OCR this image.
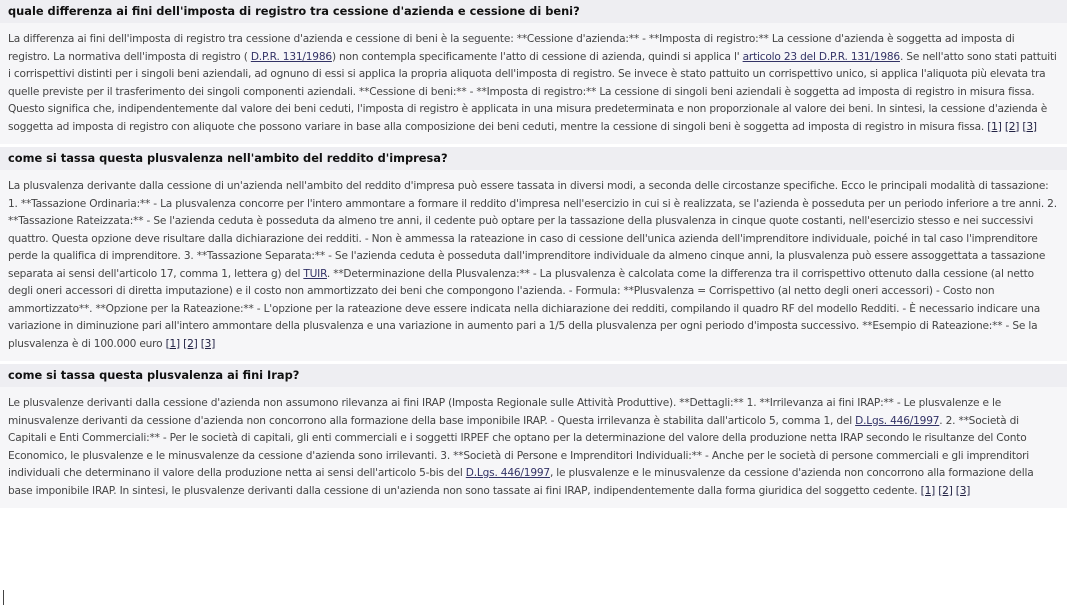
quale differenza ai fini dell'imposta di registro tra cessione d'azienda e cessione di beni?
La differenza ai fini dell'imposta di registro tra cessione d'azienda e cessione di beni è la seguente: **Cessione d'azienda:** - **Imposta di registro:** La cessione d'azienda è soggetta ad imposta di registro. La normativa dell'imposta di registro ( D.P.R. 131/1986) non contempla specificamente l'atto di cessione di azienda, quindi si applica l' articolo 23 del D.P.R. 131/1986. Se nell'atto sono stati pattuiti i corrispettivi distinti per i singoli beni aziendali, ad ognuno di essi si applica la propria aliquota dell'imposta di registro. Se invece è stato pattuito un corrispettivo unico, si applica l'aliquota più elevata tra quelle previste per il trasferimento dei singoli componenti aziendali. **Cessione di beni:** - **Imposta di registro:** La cessione di singoli beni aziendali è soggetta ad imposta di registro in misura fissa. Questo significa che, indipendentemente dal valore dei beni ceduti, l'imposta di registro è applicata in una misura predeterminata e non proporzionale al valore dei beni. In sintesi, la cessione d'azienda è soggetta ad imposta di registro con aliquote che possono variare in base alla composizione dei beni ceduti, mentre la cessione di singoli beni è soggetta ad imposta di registro in misura fissa. [1] [2] [3]
come si tassa questa plusvalenza nell'ambito del reddito d'impresa?
La plusvalenza derivante dalla cessione di un'azienda nell'ambito del reddito d'impresa può essere tassata in diversi modi, a seconda delle circostanze specifiche. Ecco le principali modalità di tassazione: 1. **Tassazione Ordinaria:** - La plusvalenza concorre per l'intero ammontare a formare il reddito d'impresa nell'esercizio in cui si è realizzata, se l'azienda è posseduta per un periodo inferiore a tre anni. 2. **Tassazione Rateizzata:** - Se l'azienda ceduta è posseduta da almeno tre anni, il cedente può optare per la tassazione della plusvalenza in cinque quote costanti, nell'esercizio stesso e nei successivi quattro. Questa opzione deve risultare dalla dichiarazione dei redditi. - Non è ammessa la rateazione in caso di cessione dell'unica azienda dell'imprenditore individuale, poiché in tal caso l'imprenditore perde la qualifica di imprenditore. 3. **Tassazione Separata:** - Se l'azienda ceduta è posseduta dall'imprenditore individuale da almeno cinque anni, la plusvalenza può essere assoggettata a tassazione separata ai sensi dell'articolo 17, comma 1, lettera g) del TUIR. **Determinazione della Plusvalenza:** - La plusvalenza è calcolata come la differenza tra il corrispettivo ottenuto dalla cessione (al netto degli oneri accessori di diretta imputazione) e il costo non ammortizzato dei beni che compongono l'azienda. - Formula: **Plusvalenza = Corrispettivo (al netto degli oneri accessori) - Costo non ammortizzato**. **Opzione per la Rateazione:** - L'opzione per la rateazione deve essere indicata nella dichiarazione dei redditi, compilando il quadro RF del modello Redditi. - È necessario indicare una variazione in diminuzione pari all'intero ammontare della plusvalenza e una variazione in aumento pari a 1/5 della plusvalenza per ogni periodo d'imposta successivo. **Esempio di Rateazione:** - Se la plusvalenza è di 100.000 euro [1] [2] [3]
come si tassa questa plusvalenza ai fini Irap?
Le plusvalenze derivanti dalla cessione d'azienda non assumono rilevanza ai fini IRAP (Imposta Regionale sulle Attività Produttive). **Dettagli:** 1. **Irrilevanza ai fini IRAP:** - Le plusvalenze e le minusvalenze derivanti da cessione d'azienda non concorrono alla formazione della base imponibile IRAP. - Questa irrilevanza è stabilita dall'articolo 5, comma 1, del D.Lgs. 446/1997. 2. **Società di Capitali e Enti Commerciali:** - Per le società di capitali, gli enti commerciali e i soggetti IRPEF che optano per la determinazione del valore della produzione netta IRAP secondo le risultanze del Conto Economico, le plusvalenze e le minusvalenze da cessione d'azienda sono irrilevanti. 3. **Società di Persone e Imprenditori Individuali:** - Anche per le società di persone commerciali e gli imprenditori individuali che determinano il valore della produzione netta ai sensi dell'articolo 5-bis del D.Lgs. 446/1997, le plusvalenze e le minusvalenze da cessione d'azienda non concorrono alla formazione della base imponibile IRAP. In sintesi, le plusvalenze derivanti dalla cessione di un'azienda non sono tassate ai fini IRAP, indipendentemente dalla forma giuridica del soggetto cedente. [1] [2] [3]
